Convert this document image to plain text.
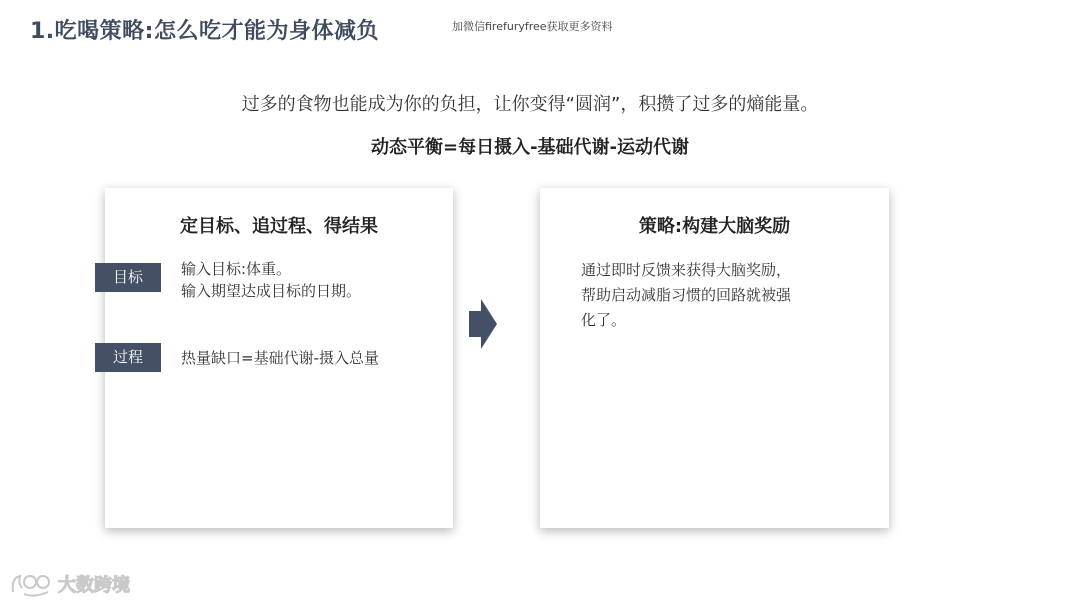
1.吃喝策略:怎么吃才能为身体减负	加微信firefuryfree获取更多资料
过多的食物也能成为你的负担，让你变得“圆润”，积攒了过多的熵能量。
动态平衡=每日摄入-基础代谢-运动代谢
定目标、追过程、得结果
目标	输入目标:体重。
输入期望达成目标的日期。
过程	热量缺口=基础代谢-摄入总量
策略:构建大脑奖励
通过即时反馈来获得大脑奖励，
帮助启动减脂习惯的回路就被强
化了。
大数跨境
